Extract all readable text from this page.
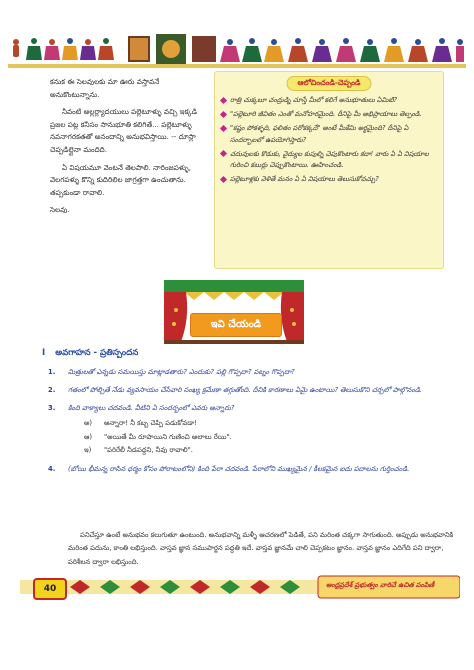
కనుక ఈ సెలవులకు మా ఊరు వస్తావనే అనుకొంటున్నాను.

నీవంటి అల్లర్ల్యాదయులు పల్లెటూళ్ళు వచ్చి ఇక్కడి ప్రజల పట్ల కనీసం సానుభూతి కలిగితే... పల్లెటూళ్ళు నవనాగరకతతో అనందాన్ని అనుభవిస్తాయి. -- దూస్లా చెప్పడిల్లైనా మందిది.

ఏ విషయమూ వెంటనే తెలపాలి. నారింజపళ్ళు, వెలగపళ్ళు కొన్ని కుదిరిలిల జాగ్రత్తగా ఉంచుతాను. తప్పకుండా రావాలి.

సెలవు.

ఆలోచించండి-చెప్పండి
రాత్రి చుక్కలూ చంద్రుడ్ని చూస్తే మీలో కలిగే అనుభూతులు ఏమిటి?
"పల్లెటూరి జీవితం ఎంతో మనోహరమైంది. దీనిపై మీ అభిప్రాయాలు తెల్పండి.
"కష్టం పోకళ్ళది, ఫలితం పరోకక్కదే" అంటే మీకేమి అర్థమైంది? దీనిపై ఏ సందర్భాలలో ఉపయోగిస్తారు?
చదువులకు కొడుకు, వైద్యుల కుపుల్ని చెపుకొంటారు కదా! వారు ఏ ఏ విషయాల గురించి కబుర్లు చెప్పుకొంటాయి. ఊహించండి.
పల్లెటూళ్లకు వెళితే మనం ఏ ఏ విషయాలు తెలుసుకోవచ్చు?
ఇవి చేయండి
I అవగాహన - ప్రతిస్పందన
1. మిత్రులతో ఎన్నడు సమయిస్తు మాట్లాడతారు? ఎందుకు? పల్లి గొప్పదా? పట్నం గొప్పదా?
2. గతంలో పోల్చితే నేడు వ్యవసాయం చేసేవారి సంఖ్య క్రమేణా తగ్గుతోంది. దీనికి కారణాలు ఏమై ఉంటాయి? తెలుసుకొని చర్చలో పాల్గొనండి.
3. కింది వాక్యాలు చదవండి. వీటిని ఏ సందర్భంలో ఎవరు అన్నారు?
అ) అన్నారా! నీ కబ్బ చెప్పి పడుకోవడా!
ఆ) "అయితే మీ రూపాయిని గుణించి అలాలు రేయి".
ఇ) "పరిరేలీ నీడపద్దని, నీవు రావాలి".
4. (బోయి భీమన్న రాసిన ధర్మం కోసం పోరాటంలోని) కింది పేరా చదవండి. పేరాలోని ముఖ్యమైన / కీలకమైన ఐదు పదాలను గుర్తించండి.

పనిచేస్తూ ఉంటే అనుభవం కలుగుతూ ఉంటుంది. అనుభవాన్ని మళ్ళీ ఆచరణలో పెడితే, పని మరింత చక్కగా సాగుతుంది. అప్పుడు అనుభవానికి మరింత పదును, కాంతి లభిస్తుంది. వాస్తవ జ్ఞాన సముపార్జన పద్ధతి ఇదే. వాస్తవ జ్ఞానమే చాలి చెప్పకటం జ్ఞానం. వాస్తవ జ్ఞానం ఎదిగేది పని ద్వారా, పరిశీలన ద్వారా లభిస్తుంది.

40	ఆంధ్రప్రదేశ్ ప్రభుత్వం వారిచే ఉచిత పంపిణీ
